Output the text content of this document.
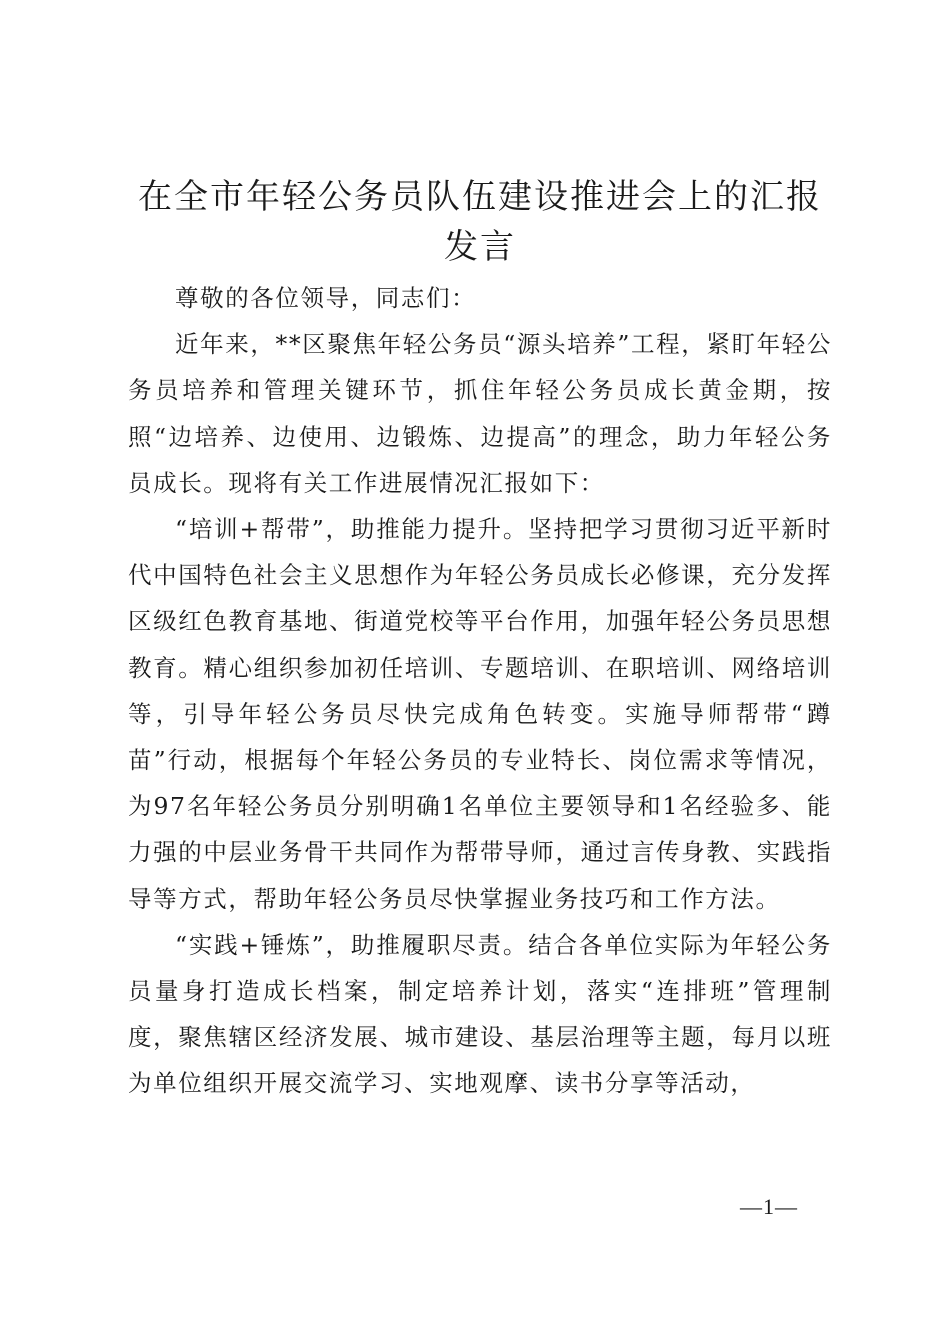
在全市年轻公务员队伍建设推进会上的汇报发言

尊敬的各位领导，同志们：

近年来，**区聚焦年轻公务员“源头培养”工程，紧盯年轻公务员培养和管理关键环节，抓住年轻公务员成长黄金期，按照“边培养、边使用、边锻炼、边提高”的理念，助力年轻公务员成长。现将有关工作进展情况汇报如下：

“培训+帮带”，助推能力提升。坚持把学习贯彻习近平新时代中国特色社会主义思想作为年轻公务员成长必修课，充分发挥区级红色教育基地、街道党校等平台作用，加强年轻公务员思想教育。精心组织参加初任培训、专题培训、在职培训、网络培训等，引导年轻公务员尽快完成角色转变。实施导师帮带“蹲苗”行动，根据每个年轻公务员的专业特长、岗位需求等情况，为97名年轻公务员分别明确1名单位主要领导和1名经验多、能力强的中层业务骨干共同作为帮带导师，通过言传身教、实践指导等方式，帮助年轻公务员尽快掌握业务技巧和工作方法。

“实践+锤炼”，助推履职尽责。结合各单位实际为年轻公务员量身打造成长档案，制定培养计划，落实“连排班”管理制度，聚焦辖区经济发展、城市建设、基层治理等主题，每月以班为单位组织开展交流学习、实地观摩、读书分享等活动，

—1—
